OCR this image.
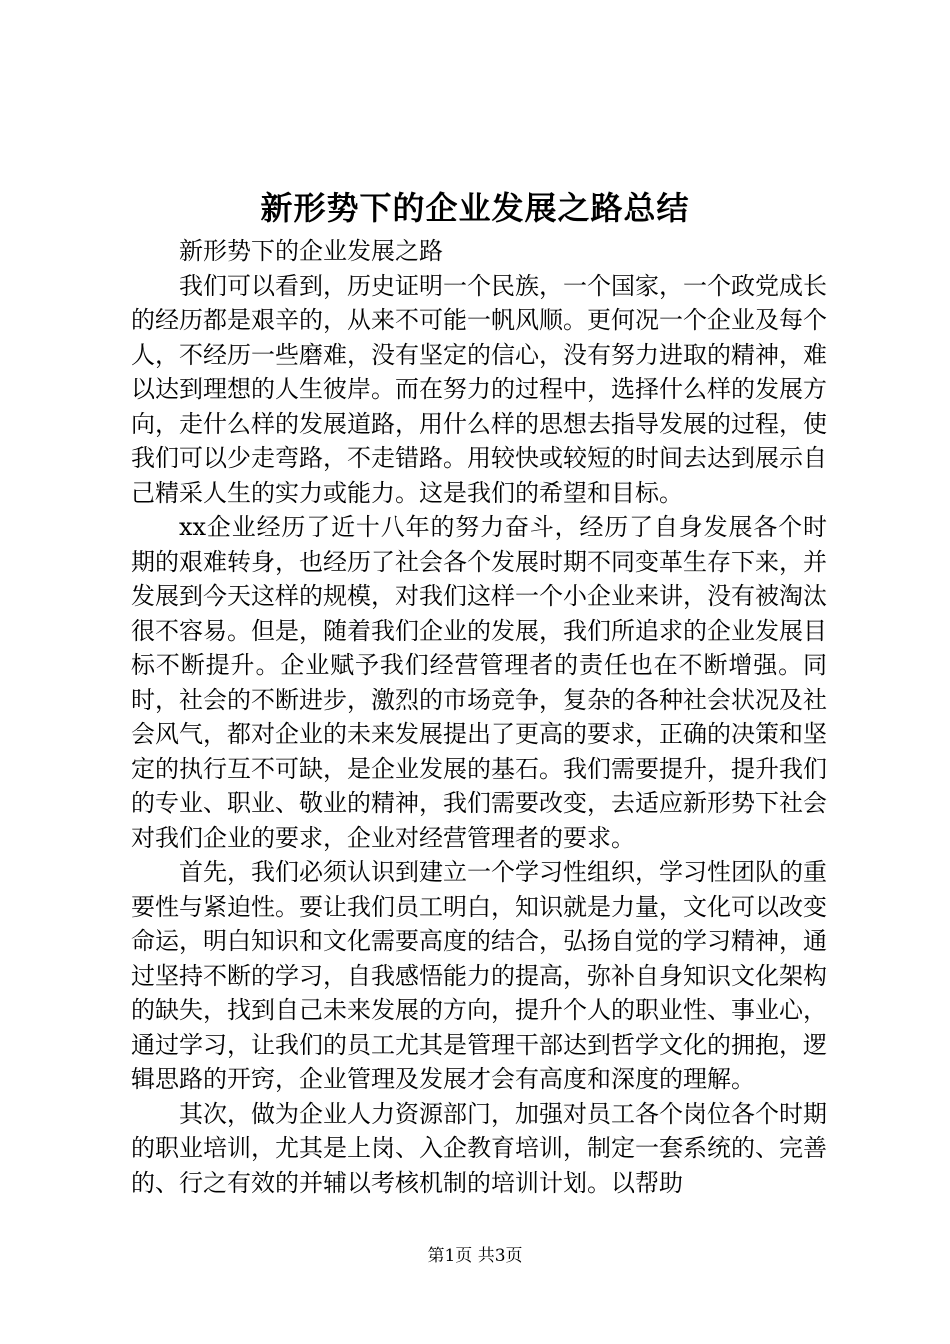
新形势下的企业发展之路总结

新形势下的企业发展之路

我们可以看到，历史证明一个民族，一个国家，一个政党成长的经历都是艰辛的，从来不可能一帆风顺。更何况一个企业及每个人，不经历一些磨难，没有坚定的信心，没有努力进取的精神，难以达到理想的人生彼岸。而在努力的过程中，选择什么样的发展方向，走什么样的发展道路，用什么样的思想去指导发展的过程，使我们可以少走弯路，不走错路。用较快或较短的时间去达到展示自己精采人生的实力或能力。这是我们的希望和目标。

xx企业经历了近十八年的努力奋斗，经历了自身发展各个时期的艰难转身，也经历了社会各个发展时期不同变革生存下来，并发展到今天这样的规模，对我们这样一个小企业来讲，没有被淘汰很不容易。但是，随着我们企业的发展，我们所追求的企业发展目标不断提升。企业赋予我们经营管理者的责任也在不断增强。同时，社会的不断进步，激烈的市场竞争，复杂的各种社会状况及社会风气，都对企业的未来发展提出了更高的要求，正确的决策和坚定的执行互不可缺，是企业发展的基石。我们需要提升，提升我们的专业、职业、敬业的精神，我们需要改变，去适应新形势下社会对我们企业的要求，企业对经营管理者的要求。

首先，我们必须认识到建立一个学习性组织，学习性团队的重要性与紧迫性。要让我们员工明白，知识就是力量，文化可以改变命运，明白知识和文化需要高度的结合，弘扬自觉的学习精神，通过坚持不断的学习，自我感悟能力的提高，弥补自身知识文化架构的缺失，找到自己未来发展的方向，提升个人的职业性、事业心，通过学习，让我们的员工尤其是管理干部达到哲学文化的拥抱，逻辑思路的开窍，企业管理及发展才会有高度和深度的理解。

其次，做为企业人力资源部门，加强对员工各个岗位各个时期的职业培训，尤其是上岗、入企教育培训，制定一套系统的、完善的、行之有效的并辅以考核机制的培训计划。以帮助

第1页 共3页
